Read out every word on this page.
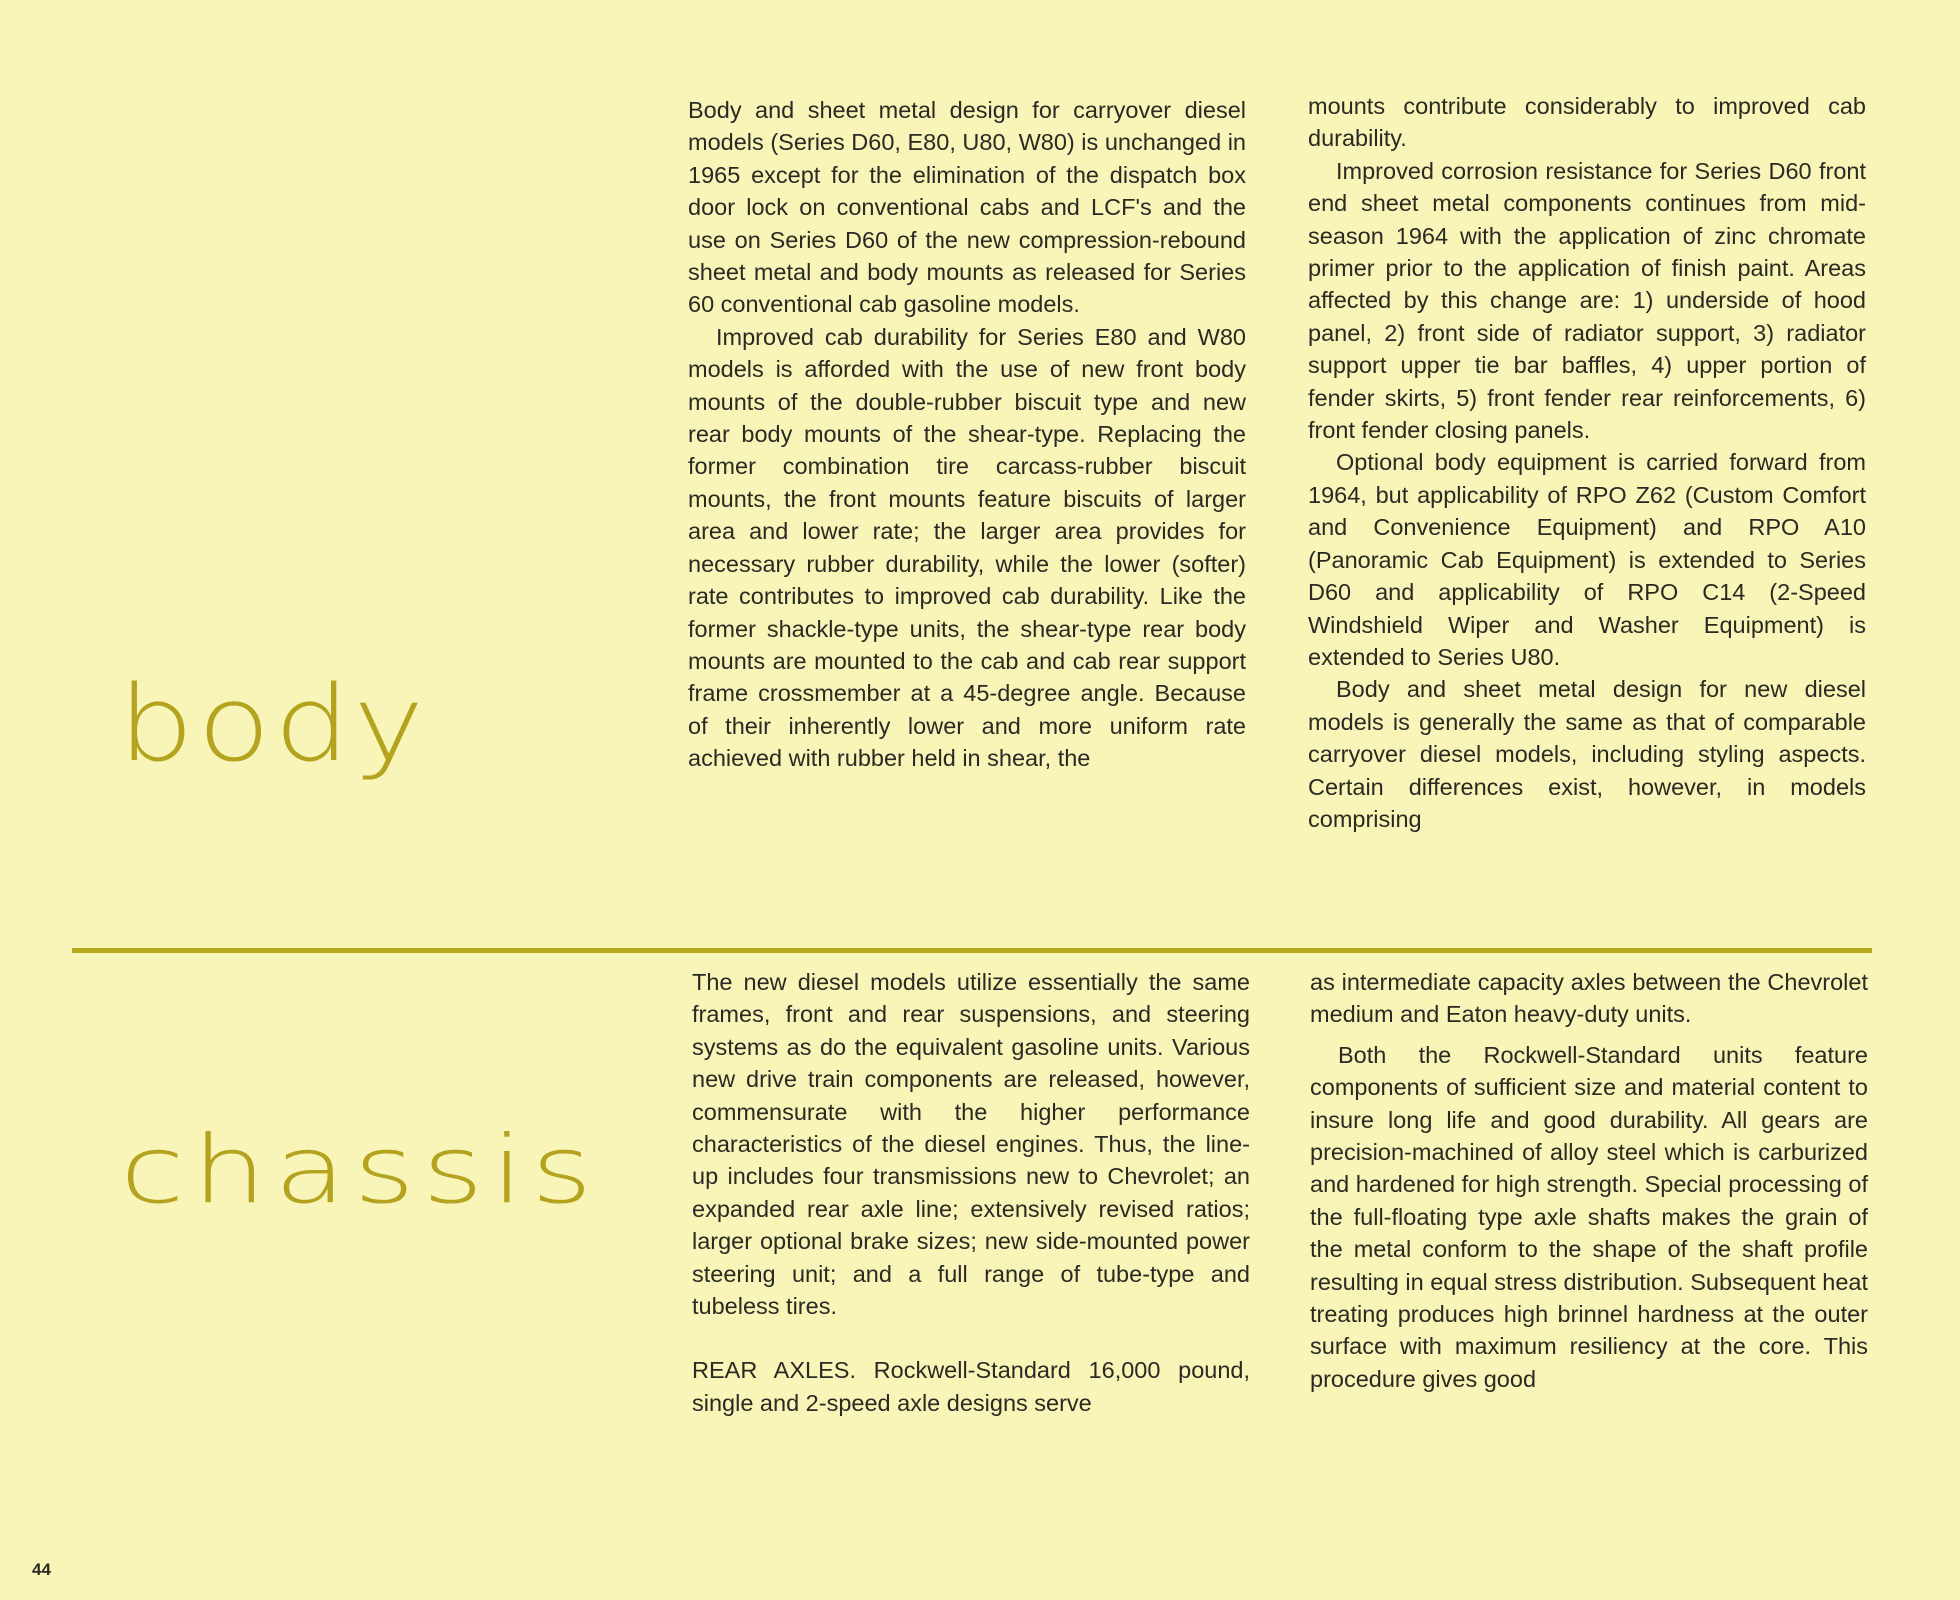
body

Body and sheet metal design for carryover diesel models (Series D60, E80, U80, W80) is unchanged in 1965 except for the elimination of the dispatch box door lock on conventional cabs and LCF's and the use on Series D60 of the new compression-rebound sheet metal and body mounts as released for Series 60 conventional cab gasoline models.

Improved cab durability for Series E80 and W80 models is afforded with the use of new front body mounts of the double-rubber biscuit type and new rear body mounts of the shear-type. Replacing the former combination tire carcass-rubber biscuit mounts, the front mounts feature biscuits of larger area and lower rate; the larger area provides for necessary rubber durability, while the lower (softer) rate contributes to improved cab durability. Like the former shackle-type units, the shear-type rear body mounts are mounted to the cab and cab rear support frame crossmember at a 45-degree angle. Because of their inherently lower and more uniform rate achieved with rubber held in shear, the

mounts contribute considerably to improved cab durability.

Improved corrosion resistance for Series D60 front end sheet metal components continues from mid-season 1964 with the application of zinc chromate primer prior to the application of finish paint. Areas affected by this change are: 1) underside of hood panel, 2) front side of radiator support, 3) radiator support upper tie bar baffles, 4) upper portion of fender skirts, 5) front fender rear reinforcements, 6) front fender closing panels.

Optional body equipment is carried forward from 1964, but applicability of RPO Z62 (Custom Comfort and Convenience Equipment) and RPO A10 (Panoramic Cab Equipment) is extended to Series D60 and applicability of RPO C14 (2-Speed Windshield Wiper and Washer Equipment) is extended to Series U80.

Body and sheet metal design for new diesel models is generally the same as that of comparable carryover diesel models, including styling aspects. Certain differences exist, however, in models comprising

chassis

The new diesel models utilize essentially the same frames, front and rear suspensions, and steering systems as do the equivalent gasoline units. Various new drive train components are released, however, commensurate with the higher performance characteristics of the diesel engines. Thus, the line-up includes four transmissions new to Chevrolet; an expanded rear axle line; extensively revised ratios; larger optional brake sizes; new side-mounted power steering unit; and a full range of tube-type and tubeless tires.

REAR AXLES. Rockwell-Standard 16,000 pound, single and 2-speed axle designs serve

as intermediate capacity axles between the Chevrolet medium and Eaton heavy-duty units.

Both the Rockwell-Standard units feature components of sufficient size and material content to insure long life and good durability. All gears are precision-machined of alloy steel which is carburized and hardened for high strength. Special processing of the full-floating type axle shafts makes the grain of the metal conform to the shape of the shaft profile resulting in equal stress distribution. Subsequent heat treating produces high brinnel hardness at the outer surface with maximum resiliency at the core. This procedure gives good

44
